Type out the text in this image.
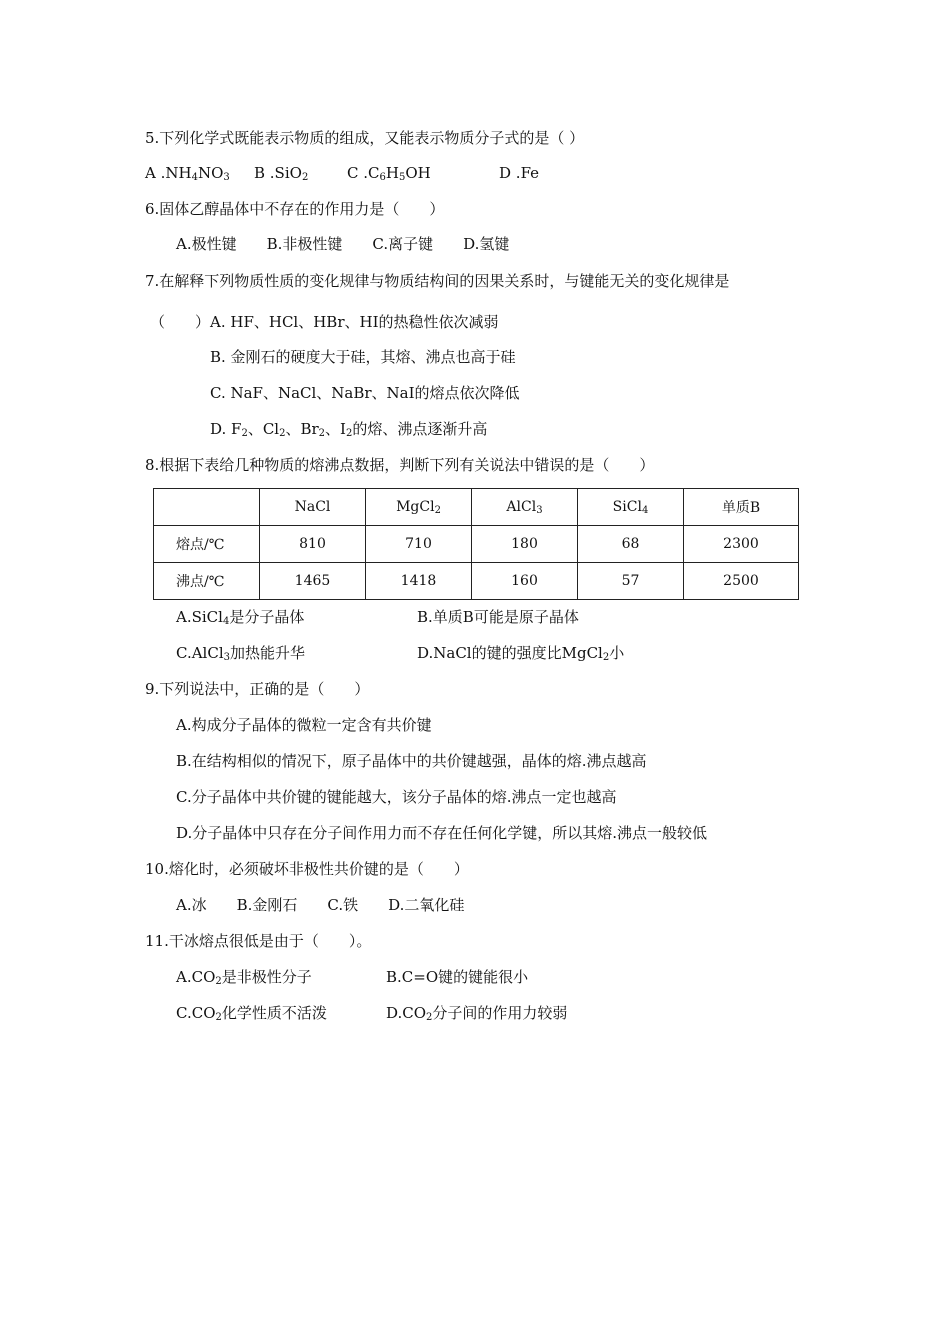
5.下列化学式既能表示物质的组成，又能表示物质分子式的是（ ）
A $.NH_4NO_3$ B .SiO$_2$	C $.C_6H_5OH$	D .Fe
6.固体乙醇晶体中不存在的作用力是（　　）
A.极性键　　B.非极性键　　C.离子键　　D.氢键
7.在解释下列物质性质的变化规律与物质结构间的因果关系时，与键能无关的变化规律是
（　　） A. HF、HCl、HBr、HI的热稳性依次减弱
B. 金刚石的硬度大于硅，其熔、沸点也高于硅
C. NaF、NaCl、NaBr、NaI的熔点依次降低
D. $F_2$、$Cl_2$、$Br_2$、$I_2$的熔、沸点逐渐升高
8.根据下表给几种物质的熔沸点数据，判断下列有关说法中错误的是（　　）
	NaCl	MgCl$_2$	AlCl$_3$	SiCl$_4$	单质B
熔点/℃	810	710	180	68	2300
沸点/℃	1465	1418	160	57	2500
A.SiCl$_4$是分子晶体	B.单质B可能是原子晶体
C.AlCl$_3$加热能升华	D.NaCl的键的强度比MgCl$_2$小
9.下列说法中，正确的是（　　）
A.构成分子晶体的微粒一定含有共价键
B.在结构相似的情况下，原子晶体中的共价键越强，晶体的熔.沸点越高
C.分子晶体中共价键的键能越大，该分子晶体的熔.沸点一定也越高
D.分子晶体中只存在分子间作用力而不存在任何化学键，所以其熔.沸点一般较低
10.熔化时，必须破坏非极性共价键的是（　　）
A.冰　　B.金刚石　　C.铁　　D.二氧化硅
11.干冰熔点很低是由于（　　）。
$A.CO_2$是非极性分子	B.C=O键的键能很小
$C.CO_2$化学性质不活泼	$D.CO_2$分子间的作用力较弱
